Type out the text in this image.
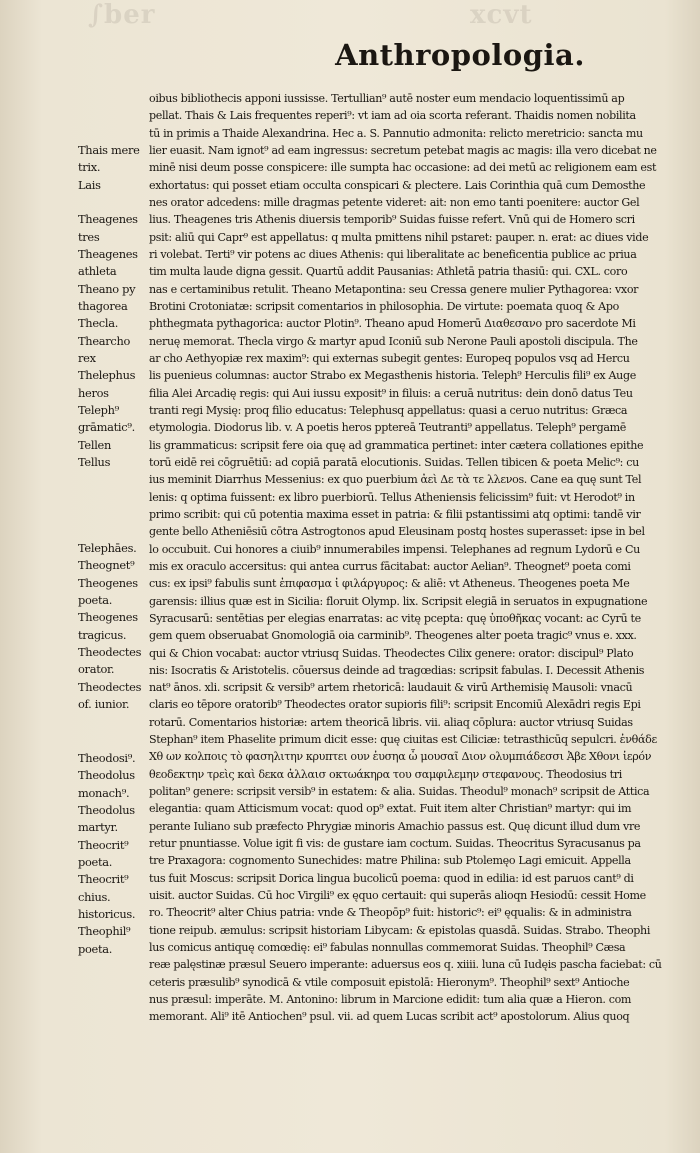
∫ber	xcvt
Anthropologia.
Thais mere
trix.
Lais
Theagenes
tres
Theagenes
athleta
Theano py
thagorea
Thecla.
Thearcho
rex
Thelephus
heros
Teleph⁹
grāmatic⁹.
Tellen
Tellus
Telephāes.
Theognet⁹
Theogenes
poeta.
Theogenes
tragicus.
Theodectes
orator.
Theodectes
of. iunior.
Theodosi⁹.
Theodolus
monach⁹.
Theodolus
martyr.
Theocrit⁹
poeta.
Theocrit⁹
chius.
historicus.
Theophil⁹
poeta.
oibus bibliothecis apponi iussisse. Tertullian⁹ autē noster eum mendacio loquentissimū ap
pellat. Thais & Lais frequentes reperi⁹: vt iam ad oia scorta referant. Thaidis nomen nobilita
tū in primis a Thaide Alexandrina. Hec a. S. Pannutio admonita: relicto meretricio: sancta mu
lier euasit. Nam ignot⁹ ad eam ingressus: secretum petebat magis ac magis: illa vero dicebat ne
minē nisi deum posse conspicere: ille sumpta hac occasione: ad dei metū ac religionem eam est
exhortatus: qui posset etiam occulta conspicari & plectere. Lais Corinthia quā cum Demosthe
nes orator adcedens: mille dragmas petente videret: ait: non emo tanti poenitere: auctor Gel
lius. Theagenes tris Athenis diuersis temporib⁹ Suidas fuisse refert. Vnū qui de Homero scri
psit: aliū qui Capr⁹ est appellatus: q multa pmittens nihil pstaret: pauper. n. erat: ac diues vide
ri volebat. Terti⁹ vir potens ac diues Athenis: qui liberalitate ac beneficentia publice ac priua
tim multa laude digna gessit. Quartū addit Pausanias: Athletā patria thasiū: qui. CXL. coro
nas e certaminibus retulit. Theano Metapontina: seu Cressa genere mulier Pythagorea: vxor
Brotini Crotoniatæ: scripsit comentarios in philosophia. De virtute: poemata quoq & Apo
phthegmata pythagorica: auctor Plotin⁹. Theano apud Homerū Διαθεσανο pro sacerdote Mi
neruę memorat. Thecla virgo & martyr apud Iconiū sub Nerone Pauli apostoli discipula. The
ar cho Aethyopiæ rex maxim⁹: qui externas subegit gentes: Europeq populos vsq ad Hercu
lis puenieus columnas: auctor Strabo ex Megasthenis historia. Teleph⁹ Herculis fili⁹ ex Auge
filia Alei Arcadię regis: qui Aui iussu exposit⁹ in filuis: a ceruā nutritus: dein donō datus Teu
tranti regi Mysię: proq filio educatus: Telephusq appellatus: quasi a ceruo nutritus: Græca
etymologia. Diodorus lib. v. A poetis heros pptereā Teutranti⁹ appellatus. Teleph⁹ pergamē
lis grammaticus: scripsit fere oia quę ad grammatica pertinet: inter cætera collationes epithe
torū eidē rei cōgruētiū: ad copiā paratā elocutionis. Suidas. Tellen tibicen & poeta Melic⁹: cu
ius meminit Diarrhus Messenius: ex quo puerbium ἀεὶ Δε τὰ τε λλενοs. Cane ea quę sunt Tel
lenis: q optima fuissent: ex libro puerbiorū. Tellus Atheniensis felicissim⁹ fuit: vt Herodot⁹ in
primo scribit: qui cū potentia maxima esset in patria: & filii pstantissimi atq optimi: tandē vir
gente bello Atheniēsiū cōtra Astrogtonos apud Eleusinam postq hostes superasset: ipse in bel
lo occubuit. Cui honores a ciuib⁹ innumerabiles impensi. Telephanes ad regnum Lydorū e Cu
mis ex oraculo accersitus: qui antea currus fācitabat: auctor Aelian⁹. Theognet⁹ poeta comi
cus: ex ipsi⁹ fabulis sunt ἐπιφασμα ἰ φιλάργυρος: & aliē: vt Atheneus. Theogenes poeta Me
garensis: illius quæ est in Sicilia: floruit Olymp. lix. Scripsit elegiā in seruatos in expugnatione
Syracusarū: sentētias per elegias enarratas: ac vitę pcepta: quę ὑποθῆκας vocant: ac Cyrū te
gem quem obseruabat Gnomologiā oia carminib⁹. Theogenes alter poeta tragic⁹ vnus e. xxx.
qui & Chion vocabat: auctor vtriusq Suidas. Theodectes Cilix genere: orator: discipul⁹ Plato
nis: Isocratis & Aristotelis. cōuersus deinde ad tragœdias: scripsit fabulas. I. Decessit Athenis
nat⁹ ānos. xli. scripsit & versib⁹ artem rhetoricā: laudauit & virū Arthemisię Mausoli: vnacū
claris eo tēpore oratorib⁹ Theodectes orator supioris fili⁹: scripsit Encomiū Alexādri regis Epi
rotarū. Comentarios historiæ: artem theoricā libris. vii. aliaq cōplura: auctor vtriusq Suidas
Stephan⁹ item Phaselite primum dicit esse: quę ciuitas est Ciliciæ: tetrasthicūq sepulcri. ἐνθάδε
Χθ ων κολποις τὸ φασηλιτην κρυπτει ουν ἐυσηα ὧ μουσαῖ Διον ολυμπιάδεσσι Ἀβε Χθονι ἱερόν
θεοδεκτην τρεὶς καὶ δεκα ἀλλαισ οκτωάκηρα του σαμφιλεμην στεφανους. Theodosius tri
politan⁹ genere: scripsit versib⁹ in estatem: & alia. Suidas. Theodul⁹ monach⁹ scripsit de Attica
elegantia: quam Atticismum vocat: quod op⁹ extat. Fuit item alter Christian⁹ martyr: qui im
perante Iuliano sub præfecto Phrygiæ minoris Amachio passus est. Quę dicunt illud dum vre
retur pnuntiasse. Volue igit fi vis: de gustare iam coctum. Suidas. Theocritus Syracusanus pa
tre Praxagora: cognomento Sunechides: matre Philina: sub Ptolemęo Lagi emicuit. Appella
tus fuit Moscus: scripsit Dorica lingua bucolicū poema: quod in edilia: id est paruos cant⁹ di
uisit. auctor Suidas. Cū hoc Virgili⁹ ex ęquo certauit: qui superās alioqn Hesiodū: cessit Home
ro. Theocrit⁹ alter Chius patria: vnde & Theopōp⁹ fuit: historic⁹: ei⁹ ęqualis: & in administra
tione reipub. æmulus: scripsit historiam Libycam: & epistolas quasdā. Suidas. Strabo. Theophi
lus comicus antiquę comœdię: ei⁹ fabulas nonnullas commemorat Suidas. Theophil⁹ Cæsa
reæ palęstinæ præsul Seuero imperante: aduersus eos q. xiiii. luna cū Iudęis pascha faciebat: cū
ceteris præsulib⁹ synodicā & vtile composuit epistolā: Hieronym⁹. Theophil⁹ sext⁹ Antioche
nus præsul: imperāte. M. Antonino: librum in Marcione edidit: tum alia quæ a Hieron. com
memorant. Ali⁹ itē Antiochen⁹ psul. vii. ad quem Lucas scribit act⁹ apostolorum. Alius quoq
